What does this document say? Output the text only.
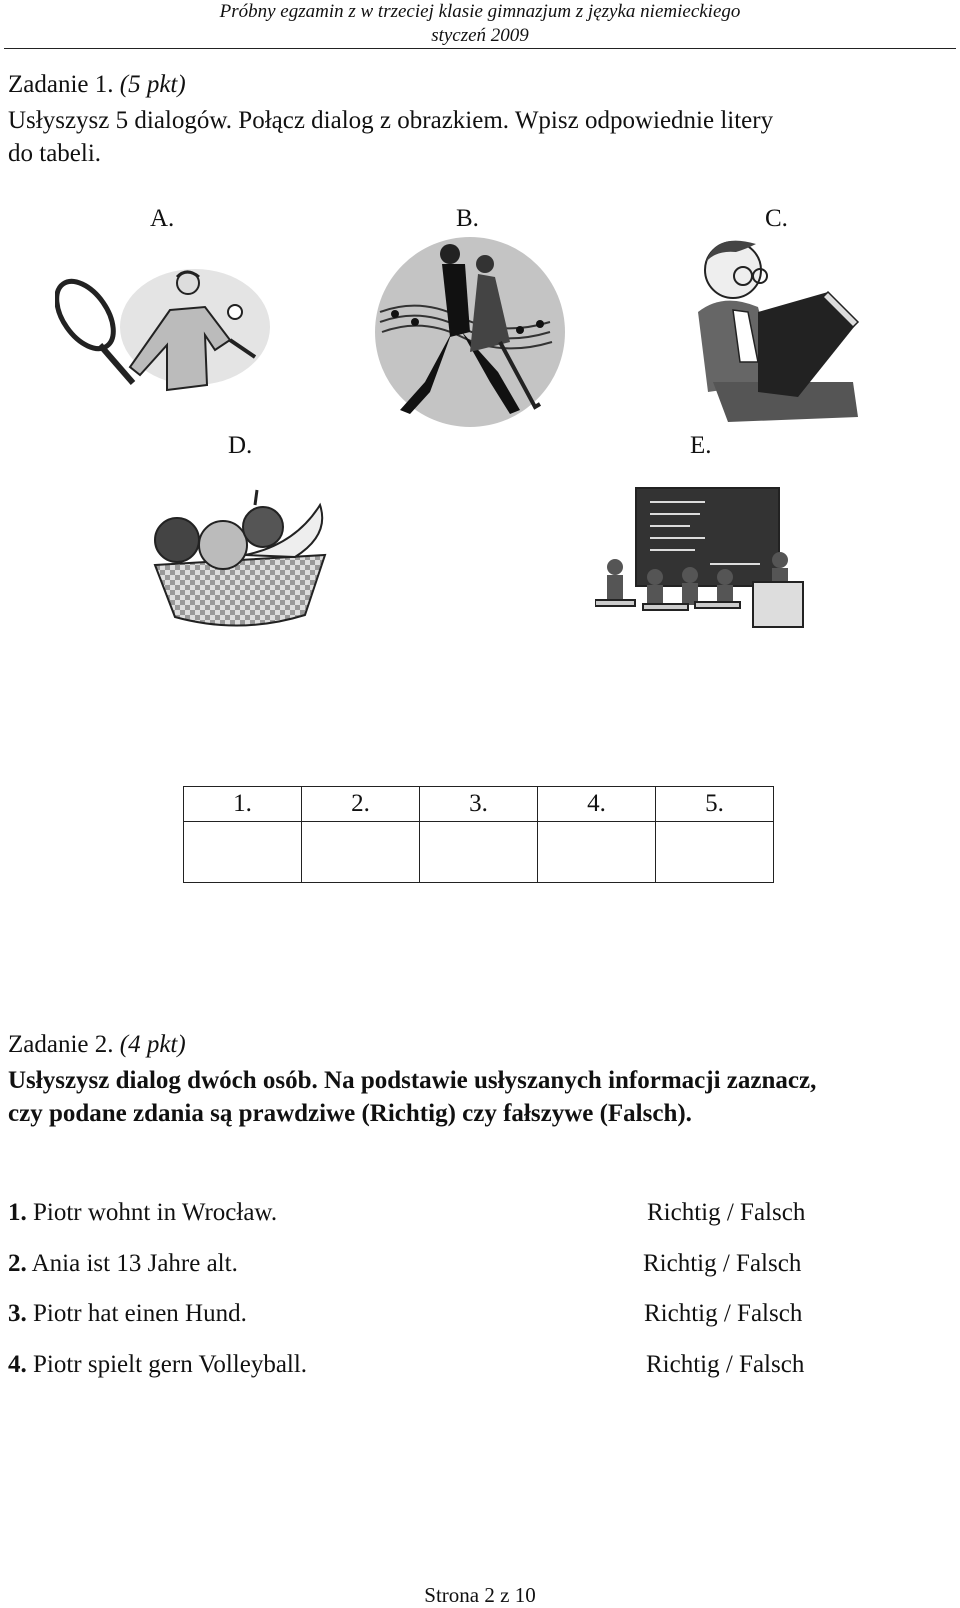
Próbny egzamin z w trzeciej klasie gimnazjum z języka niemieckiego
styczeń 2009
Zadanie 1. (5 pkt)
Usłyszysz 5 dialogów. Połącz dialog z obrazkiem. Wpisz odpowiednie litery
do tabeli.
A.	B.	C.
D.	E.
1.	2.	3.	4.	5.

Zadanie 2. (4 pkt)
Usłyszysz dialog dwóch osób. Na podstawie usłyszanych informacji zaznacz,
czy podane zdania są prawdziwe (Richtig) czy fałszywe (Falsch).
1. Piotr wohnt in Wrocław.	Richtig / Falsch
2. Ania ist 13 Jahre alt.	Richtig / Falsch
3. Piotr hat einen Hund.	Richtig / Falsch
4. Piotr spielt gern Volleyball.	Richtig / Falsch
Strona 2 z 10
